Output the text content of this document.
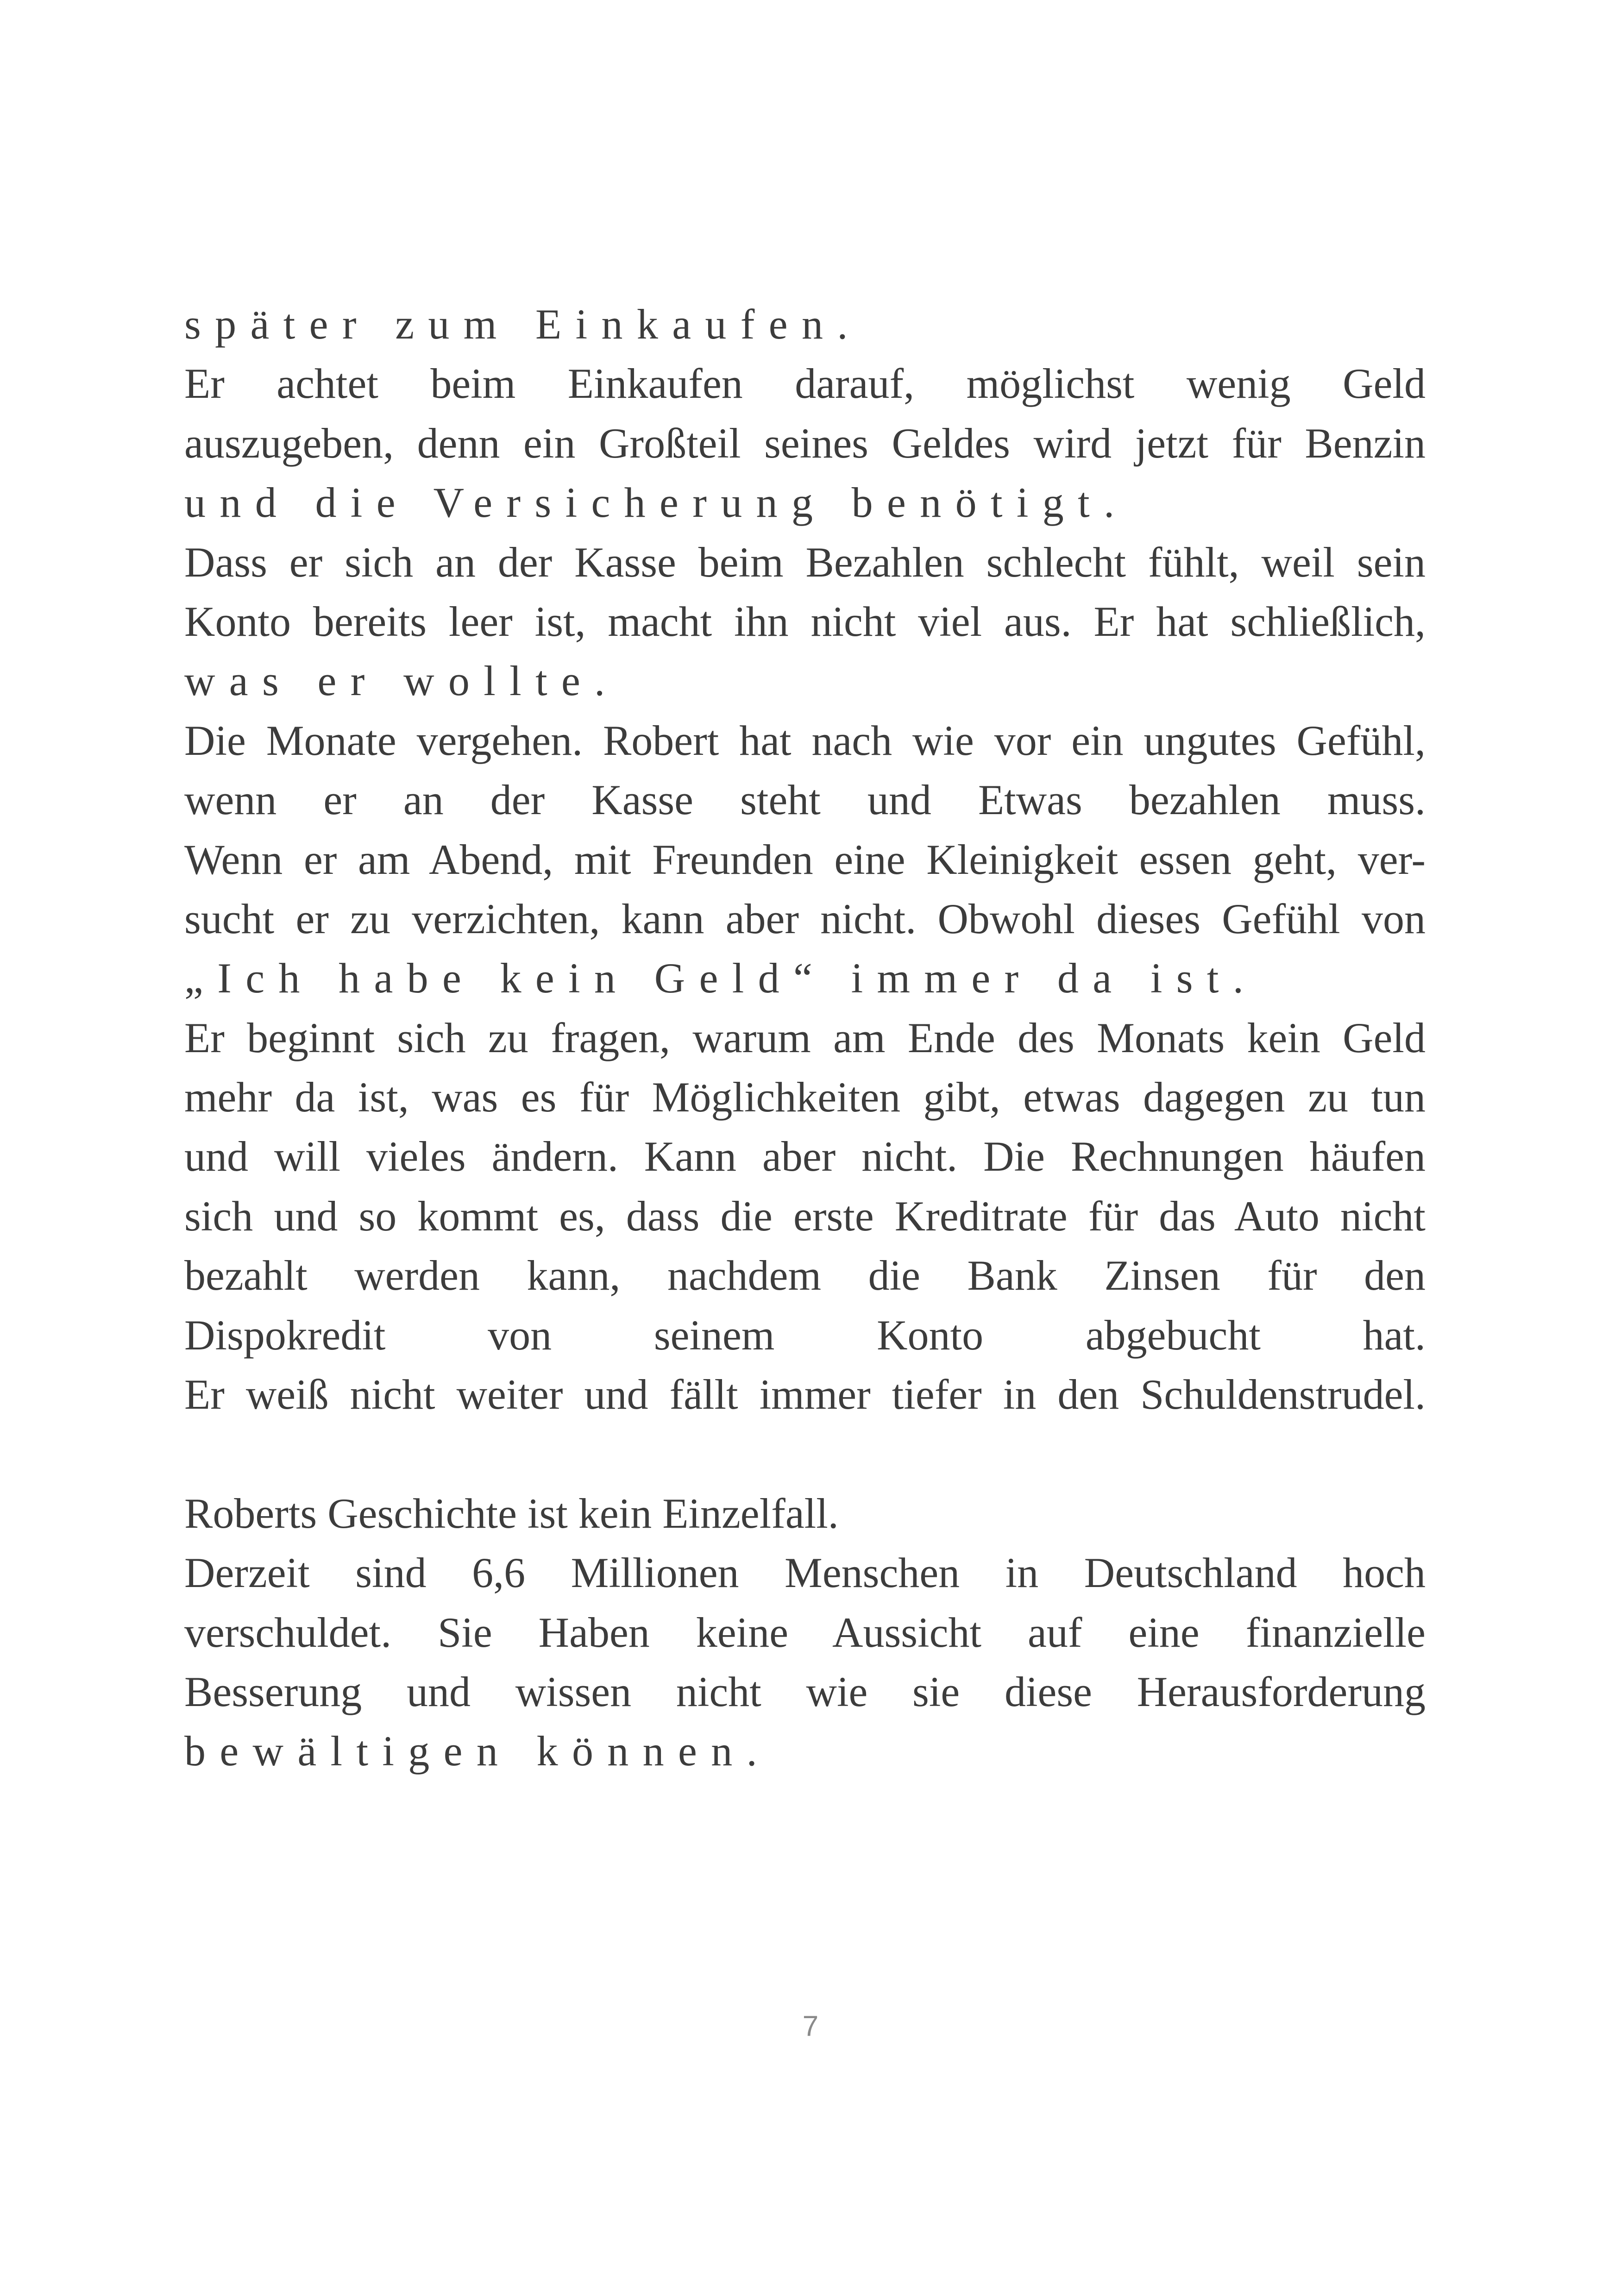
später zum Einkaufen.
Er achtet beim Einkaufen darauf, möglichst wenig Geld
auszugeben, denn ein Großteil seines Geldes wird jetzt für Benzin
und die Versicherung benötigt.
Dass er sich an der Kasse beim Bezahlen schlecht fühlt, weil sein
Konto bereits leer ist, macht ihn nicht viel aus. Er hat schließlich,
was er wollte.
Die Monate vergehen. Robert hat nach wie vor ein ungutes Gefühl,
wenn er an der Kasse steht und Etwas bezahlen muss.
Wenn er am Abend, mit Freunden eine Kleinigkeit essen geht, ver-
sucht er zu verzichten, kann aber nicht. Obwohl dieses Gefühl von
„Ich habe kein Geld“ immer da ist.
Er beginnt sich zu fragen, warum am Ende des Monats kein Geld
mehr da ist, was es für Möglichkeiten gibt, etwas dagegen zu tun
und will vieles ändern. Kann aber nicht. Die Rechnungen häufen
sich und so kommt es, dass die erste Kreditrate für das Auto nicht
bezahlt werden kann, nachdem die Bank Zinsen für den
Dispokredit von seinem Konto abgebucht hat.
Er weiß nicht weiter und fällt immer tiefer in den Schuldenstrudel.
Roberts Geschichte ist kein Einzelfall.
Derzeit sind 6,6 Millionen Menschen in Deutschland hoch
verschuldet. Sie Haben keine Aussicht auf eine finanzielle
Besserung und wissen nicht wie sie diese Herausforderung
bewältigen können.
7
